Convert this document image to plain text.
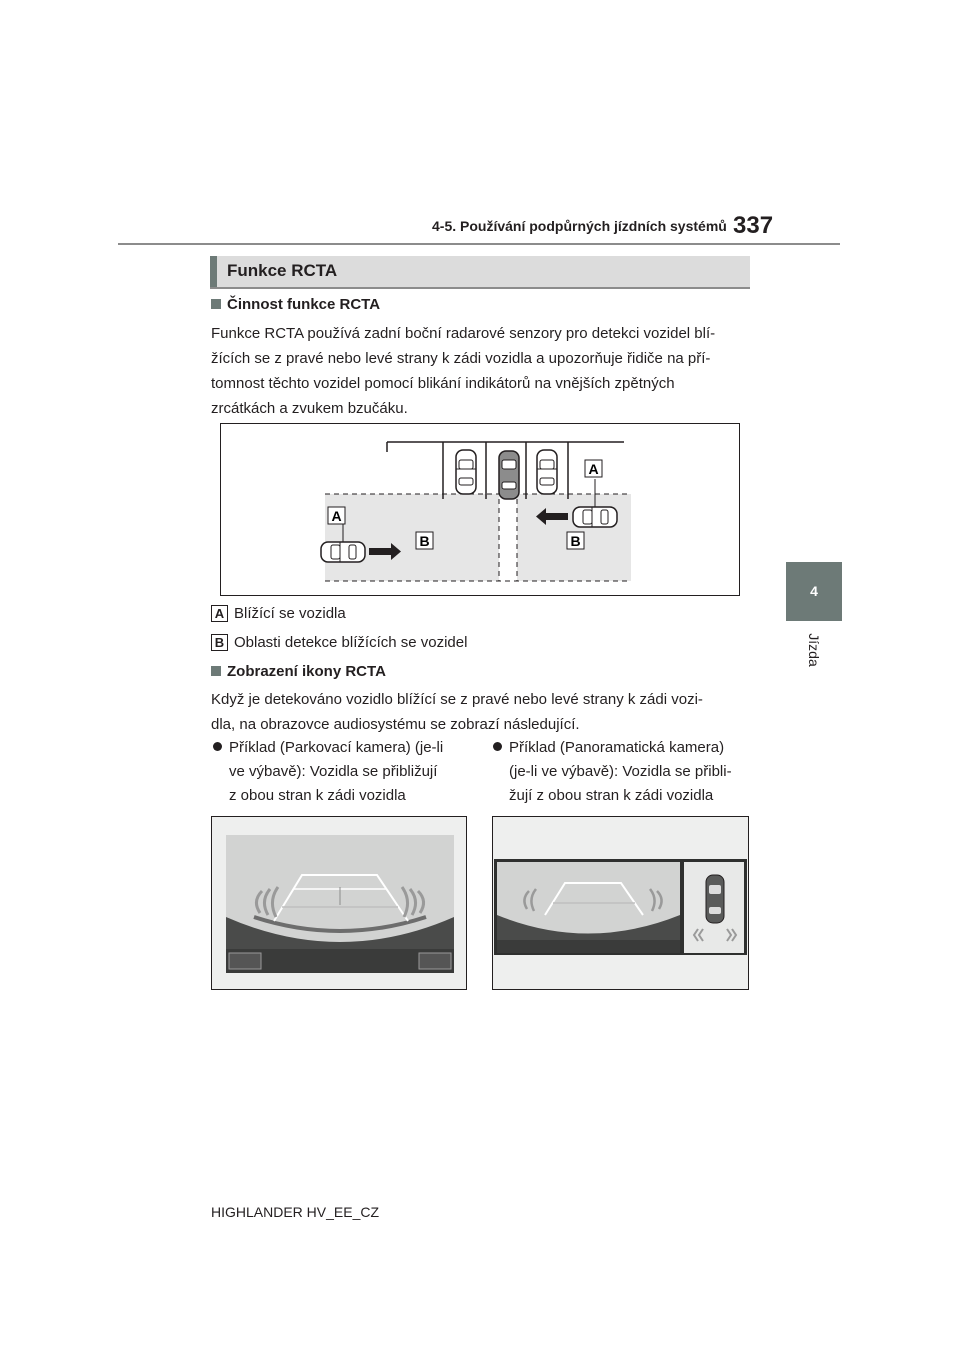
4-5. Používání podpůrných jízdních systémů 337
4
Jízda
Funkce RCTA
Činnost funkce RCTA
Funkce RCTA používá zadní boční radarové senzory pro detekci vozidel blí-
žících se z pravé nebo levé strany k zádi vozidla a upozorňuje řidiče na pří-
tomnost těchto vozidel pomocí blikání indikátorů na vnějších zpětných
zrcátkách a zvukem bzučáku.
A
A
B	B
A Blížící se vozidla
B Oblasti detekce blížících se vozidel
Zobrazení ikony RCTA
Když je detekováno vozidlo blížící se z pravé nebo levé strany k zádi vozi-
dla, na obrazovce audiosystému se zobrazí následující.
Příklad (Parkovací kamera) (je-li
ve výbavě): Vozidla se přibližují
z obou stran k zádi vozidla
Příklad (Panoramatická kamera)
(je-li ve výbavě): Vozidla se přibli-
žují z obou stran k zádi vozidla
HIGHLANDER HV_EE_CZ
